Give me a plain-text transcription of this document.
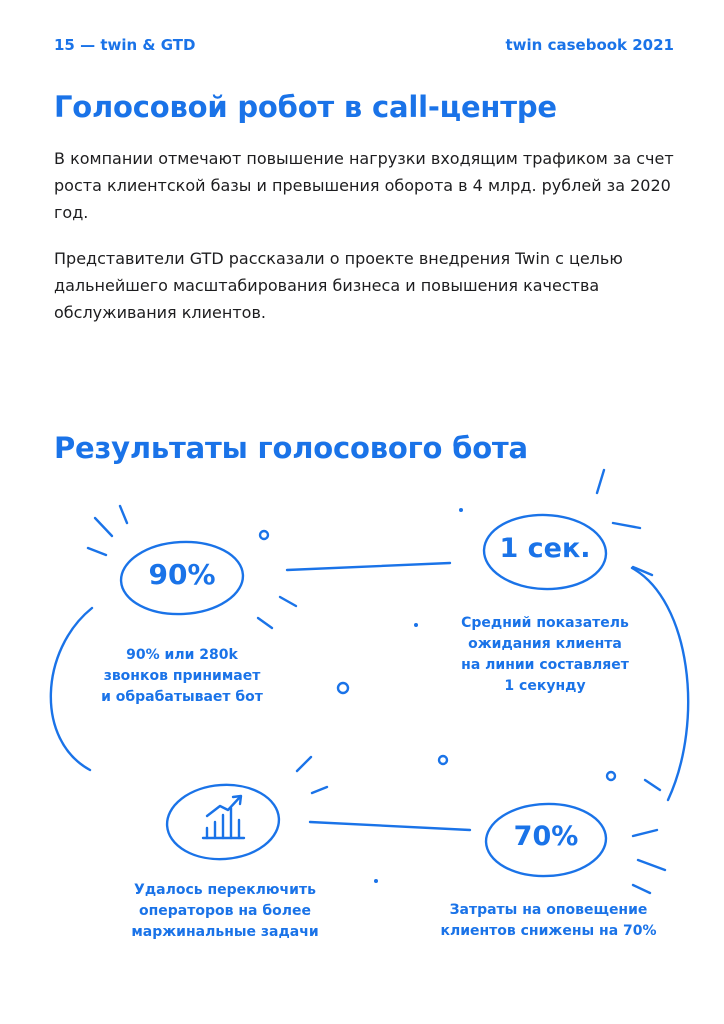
15 — twin & GTD	twin casebook 2021
Голосовой робот в call-центре

В компании отмечают повышение нагрузки входящим трафиком за счет роста клиентской базы и превышения оборота в 4 млрд. рублей за 2020 год.

Представители GTD рассказали о проекте внедрения Twin с целью дальнейшего масштабирования бизнеса и повышения качества обслуживания клиентов.

Результаты голосового бота
90%
1 сек.
70%
90% или 280k
звонков принимает
и обрабатывает бот
Средний показатель
ожидания клиента
на линии составляет
1 секунду
Удалось переключить
операторов на более
маржинальные задачи
Затраты на оповещение
клиентов снижены на 70%
